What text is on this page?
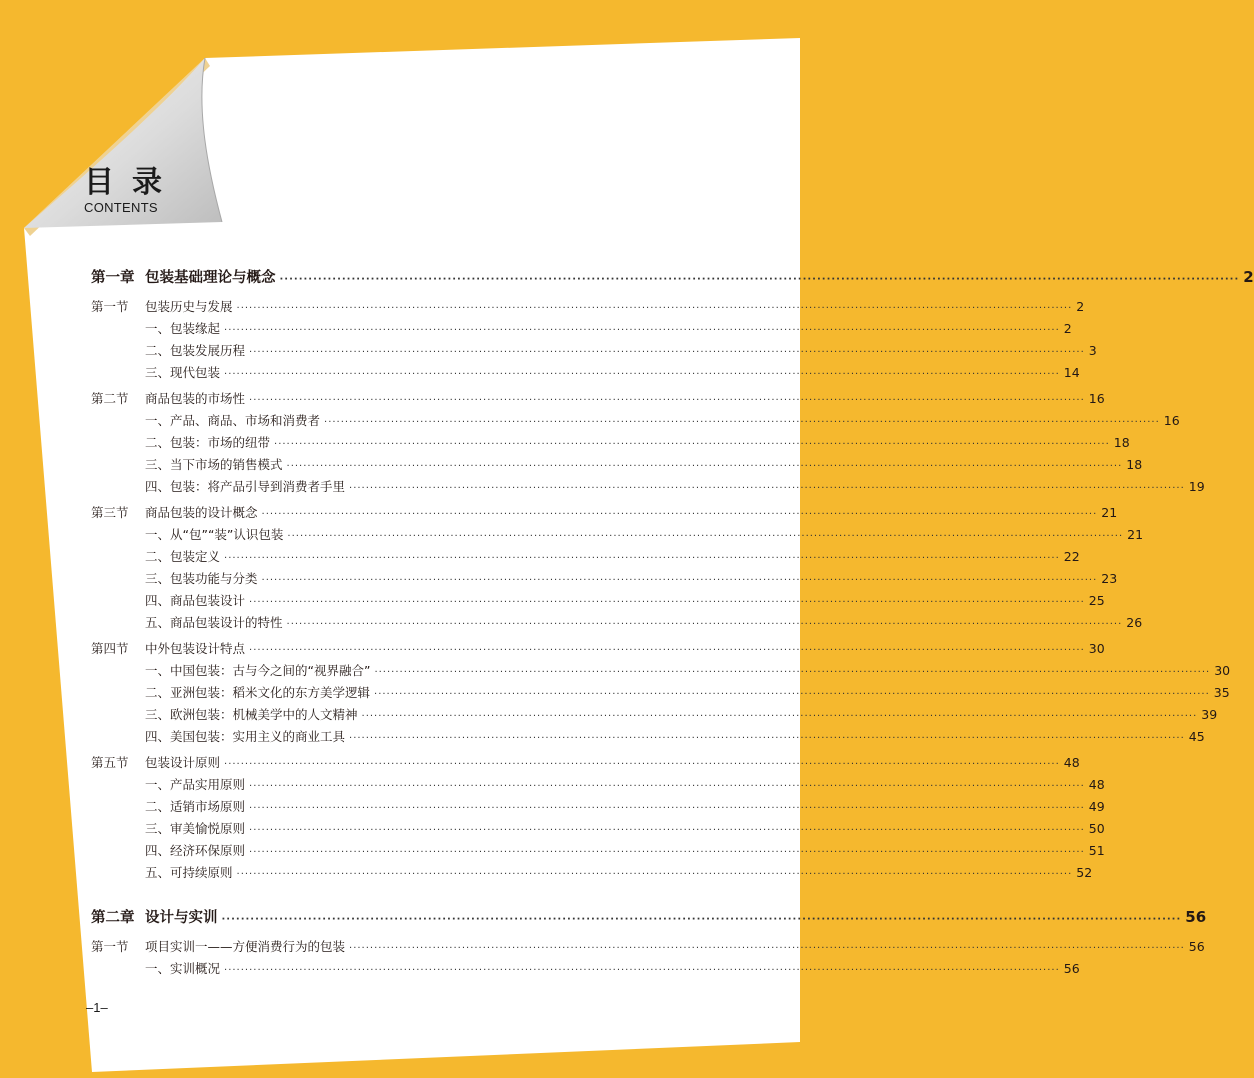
目录
CONTENTS
第一章 包装基础理论与概念 ········································································································································································································ 2
第一节	包装历史与发展 ········································································································································································································ 2
一、包装缘起 ········································································································································································································ 2
二、包装发展历程 ········································································································································································································ 3
三、现代包装 ········································································································································································································ 14
第二节	商品包装的市场性 ········································································································································································································ 16
一、产品、商品、市场和消费者 ········································································································································································································ 16
二、包装：市场的纽带 ········································································································································································································ 18
三、当下市场的销售模式 ········································································································································································································ 18
四、包装：将产品引导到消费者手里 ········································································································································································································ 19
第三节	商品包装的设计概念 ········································································································································································································ 21
一、从“包”“装”认识包装 ········································································································································································································ 21
二、包装定义 ········································································································································································································ 22
三、包装功能与分类 ········································································································································································································ 23
四、商品包装设计 ········································································································································································································ 25
五、商品包装设计的特性 ········································································································································································································ 26
第四节	中外包装设计特点 ········································································································································································································ 30
一、中国包装：古与今之间的“视界融合” ········································································································································································································ 30
二、亚洲包装：稻米文化的东方美学逻辑 ········································································································································································································ 35
三、欧洲包装：机械美学中的人文精神 ········································································································································································································ 39
四、美国包装：实用主义的商业工具 ········································································································································································································ 45
第五节	包装设计原则 ········································································································································································································ 48
一、产品实用原则 ········································································································································································································ 48
二、适销市场原则 ········································································································································································································ 49
三、审美愉悦原则 ········································································································································································································ 50
四、经济环保原则 ········································································································································································································ 51
五、可持续原则 ········································································································································································································ 52
第二章 设计与实训 ········································································································································································································ 56
第一节	项目实训一——方便消费行为的包装 ········································································································································································································ 56
一、实训概况 ········································································································································································································ 56
–1–
